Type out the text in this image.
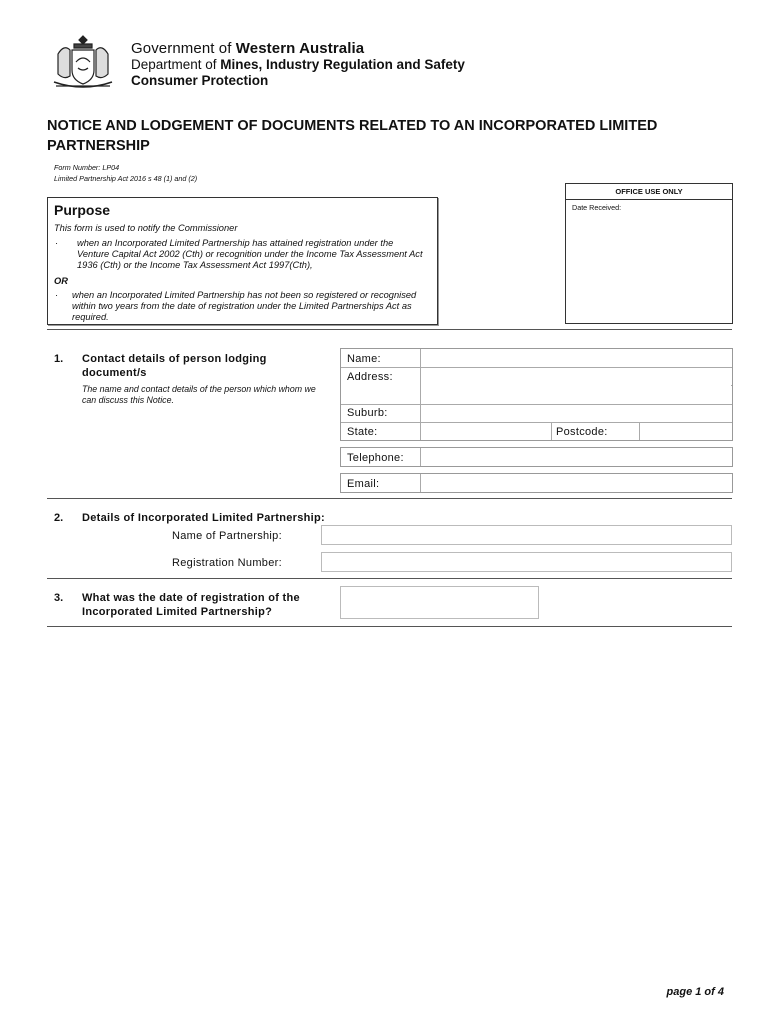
Government of Western Australia
Department of Mines, Industry Regulation and Safety
Consumer Protection
NOTICE AND LODGEMENT OF DOCUMENTS RELATED TO AN INCORPORATED LIMITED PARTNERSHIP
Form Number: LP04
Limited Partnership Act 2016 s 48 (1) and (2)
OFFICE USE ONLY
Date Received:
Purpose
This form is used to notify the Commissioner
· when an Incorporated Limited Partnership has attained registration under the Venture Capital Act 2002 (Cth) or recognition under the Income Tax Assessment Act 1936 (Cth) or the Income Tax Assessment Act 1997(Cth),
OR
· when an Incorporated Limited Partnership has not been so registered or recognised within two years from the date of registration under the Limited Partnerships Act as required.
1. Contact details of person lodging document/s
The name and contact details of the person which whom we can discuss this Notice.
Name:
Address:
Suburb:
State:	Postcode:
Telephone:
Email:
2. Details of Incorporated Limited Partnership:
Name of Partnership:
Registration Number:
3. What was the date of registration of the Incorporated Limited Partnership?
page 1 of 4
